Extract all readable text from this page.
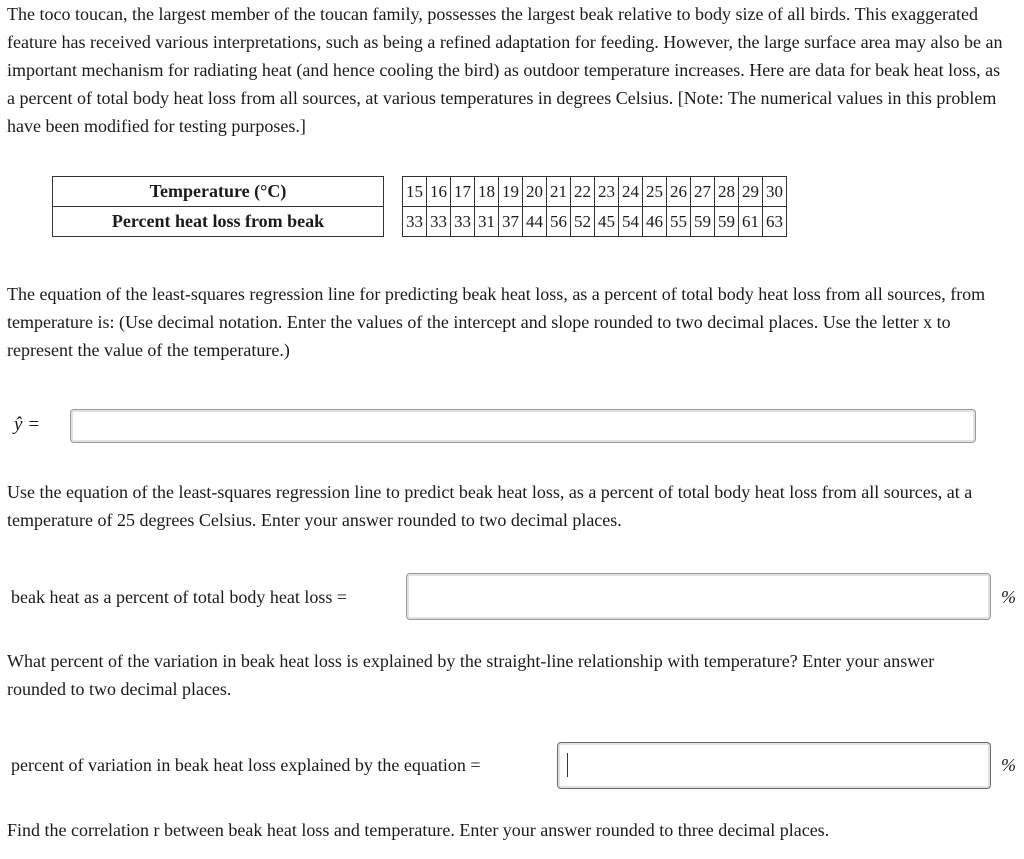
The toco toucan, the largest member of the toucan family, possesses the largest beak relative to body size of all birds. This exaggerated feature has received various interpretations, such as being a refined adaptation for feeding. However, the large surface area may also be an important mechanism for radiating heat (and hence cooling the bird) as outdoor temperature increases. Here are data for beak heat loss, as a percent of total body heat loss from all sources, at various temperatures in degrees Celsius. [Note: The numerical values in this problem have been modified for testing purposes.]

Temperature (°C)		15	16	17	18	19	20	21	22	23	24	25	26	27	28	29	30
Percent heat loss from beak		33	33	33	31	37	44	56	52	45	54	46	55	59	59	61	63

The equation of the least-squares regression line for predicting beak heat loss, as a percent of total body heat loss from all sources, from temperature is: (Use decimal notation. Enter the values of the intercept and slope rounded to two decimal places. Use the letter x to represent the value of the temperature.)

ŷ =

Use the equation of the least-squares regression line to predict beak heat loss, as a percent of total body heat loss from all sources, at a temperature of 25 degrees Celsius. Enter your answer rounded to two decimal places.

beak heat as a percent of total body heat loss =	%

What percent of the variation in beak heat loss is explained by the straight-line relationship with temperature? Enter your answer rounded to two decimal places.

percent of variation in beak heat loss explained by the equation =	%

Find the correlation r between beak heat loss and temperature. Enter your answer rounded to three decimal places.
